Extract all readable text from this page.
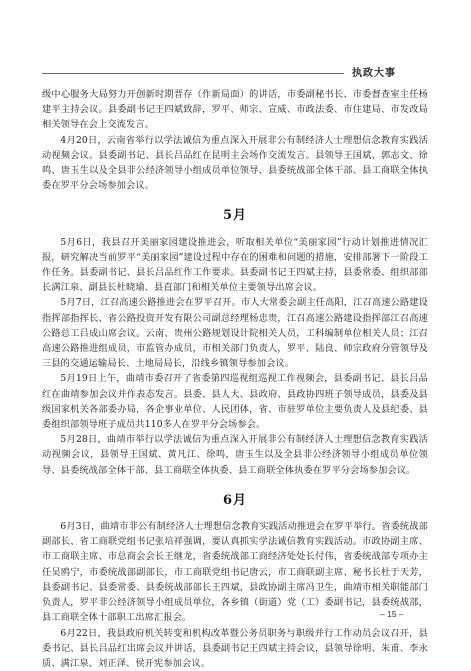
执政大事

级中心服务大局努力开创新时期晋存（作新局面）的讲话，市委副秘书长、市委督查室主任杨建平主持会议。县委副书记王四斌致辞，罗平、师宗、宣威、市政法委、市住建局、市发改局相关领导在会上交流发言。

4月20日，云南省举行以学法诚信为重点深入开展非公有制经济人士理想信念教育实践活动视频会议。县委副书记、县长吕品红在昆明主会场作交流发言。县领导王国斌、郭志文、徐鸣、唐玉生以及全县非公经济领导小组成员单位领导、县委统战部全体干部、县工商联全体执委在罗平分会场参加会议。

5月

5月6日，我县召开美丽家园建设推进会，听取相关单位“美丽家园”行动计划推进情况汇报，研究解决当前罗平“美丽家园”建设过程中存在的困难和问题的措施，安排部署下一阶段工作任务。县委副书记、县长吕品红作工作要求。县委副书记王四斌主持，县委常委、组织部部长满江泉、副县长杜晓瑜、县直部门和相关单位主要领导出席会议。

5月7日，江召高速公路推进会在罗平召开。市人大常委会副主任高阳，江召高速公路建设指挥部指挥长、省公路投资开发有限公司副总经理杨忠贵，江召高速公路建设指挥部江召高速公路总工吕成山席会议。云南、贵州公路规划设计院相关人员，工科编制单位相关人员；江召高速公路推进组成员，市监管办成员，市相关部门负责人，罗平、陆良、师宗政府分管领导及三县的交通运输局长、土地局局长，沿线乡镇领导参加会议。

5月19日上午，曲靖市委召开了省委第四巡视组巡视工作视频会，县委副书记、县长吕品红在曲靖参加会议并作表态发言。县委、县人大、县政府、县政协四班子领导成员，县委及县级国家机关各部委办局，各企事业单位、人民团体，省、市驻罗单位主要负责人及县纪委、县委组织部领导班子成员共110多人在罗平分会场参会。

5月28日，曲靖市举行以学法诚信为重点深入开展非公有制经济人士理想信念教育实践活动视频会议，县领导王国斌、黄凡江、徐鸣，唐玉生以及全县非公经济领导小组成员单位领导、县委统战部全体干部、县工商联全体执委、县工商联全体执委在罗平分会场参加会议。

6月

6月3日，曲靖市非公有制经济人士理想信念教育实践活动推进会在罗平举行。省委统战部副部长、省工商联党组书记张培祥强调，要认真抓实学法诚信教育实践活动。市政协副主席、市工商联主席、市总商会会长王继龙，省委统战部工商经济处处长付伟，省委统战部专项办主任吴鸥宁，市委统战部副部长，市工商联党组书记唐云，市工商联副主席、秘书长杜于天芳，县委副书记、县委常委、县委统战部部长王四斌，县政协副主席冯卫生，曲靖市相关职能部门负责人，罗平非公经济领导小组成员单位，各乡镇（街道）党（工）委副书记，县委统战部，县工商联全体十部职工出席汇报会。

6月22日，我县政府机关转变和机构改革暨公务员职务与职级并行工作动员会议召开，县委书记、县长吕品红出席会议并讲话，县委副书记王四斌主持会议，县领导徐明、朱甫、李永质、满江泉、刘正泽、侯开宪参加会议。

– 15 –
